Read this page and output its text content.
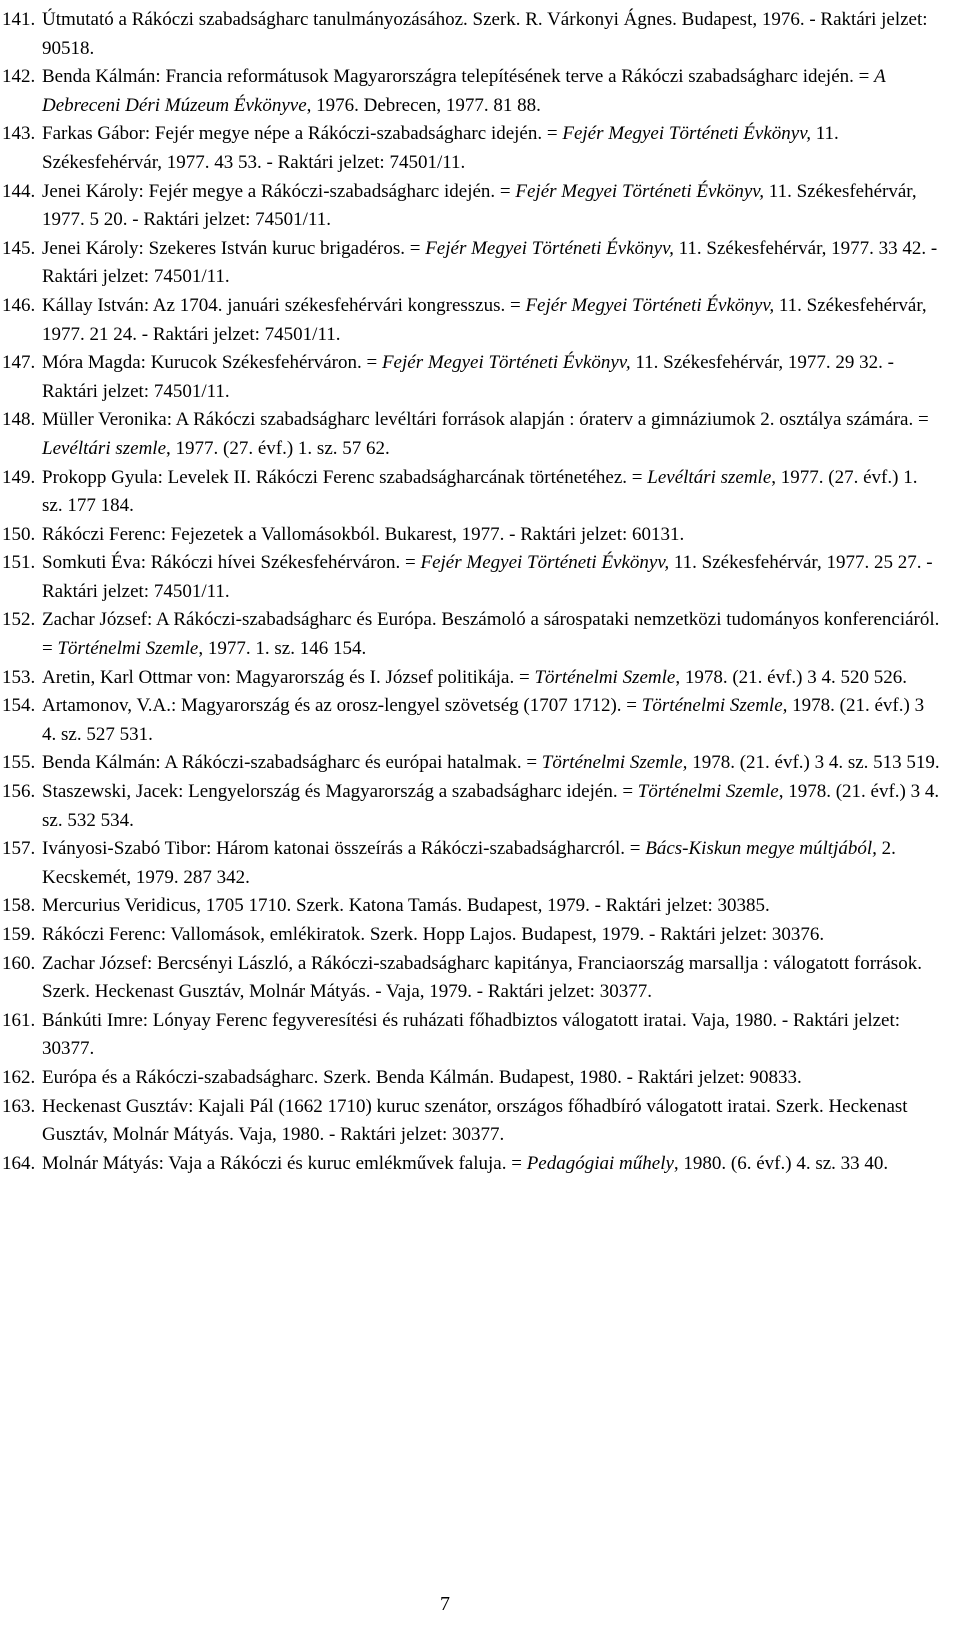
141. Útmutató a Rákóczi szabadságharc tanulmányozásához. Szerk. R. Várkonyi Ágnes. Budapest, 1976. - Raktári jelzet: 90518.
142. Benda Kálmán: Francia reformátusok Magyarországra telepítésének terve a Rákóczi szabadságharc idején. = A Debreceni Déri Múzeum Évkönyve, 1976. Debrecen, 1977. 81 88.
143. Farkas Gábor: Fejér megye népe a Rákóczi-szabadságharc idején. = Fejér Megyei Történeti Évkönyv, 11. Székesfehérvár, 1977. 43 53. - Raktári jelzet: 74501/11.
144. Jenei Károly: Fejér megye a Rákóczi-szabadságharc idején. = Fejér Megyei Történeti Évkönyv, 11. Székesfehérvár, 1977. 5 20. - Raktári jelzet: 74501/11.
145. Jenei Károly: Szekeres István kuruc brigadéros. = Fejér Megyei Történeti Évkönyv, 11. Székesfehérvár, 1977. 33 42. - Raktári jelzet: 74501/11.
146. Kállay István: Az 1704. januári székesfehérvári kongresszus. = Fejér Megyei Történeti Évkönyv, 11. Székesfehérvár, 1977. 21 24. - Raktári jelzet: 74501/11.
147. Móra Magda: Kurucok Székesfehérváron. = Fejér Megyei Történeti Évkönyv, 11. Székesfehérvár, 1977. 29 32. - Raktári jelzet: 74501/11.
148. Müller Veronika: A Rákóczi szabadságharc levéltári források alapján : óraterv a gimnáziumok 2. osztálya számára. = Levéltári szemle, 1977. (27. évf.) 1. sz. 57 62.
149. Prokopp Gyula: Levelek II. Rákóczi Ferenc szabadságharcának történetéhez. = Levéltári szemle, 1977. (27. évf.) 1. sz. 177 184.
150. Rákóczi Ferenc: Fejezetek a Vallomásokból. Bukarest, 1977. - Raktári jelzet: 60131.
151. Somkuti Éva: Rákóczi hívei Székesfehérváron. = Fejér Megyei Történeti Évkönyv, 11. Székesfehérvár, 1977. 25 27. - Raktári jelzet: 74501/11.
152. Zachar József: A Rákóczi-szabadságharc és Európa. Beszámoló a sárospataki nemzetközi tudományos konferenciáról. = Történelmi Szemle, 1977. 1. sz. 146 154.
153. Aretin, Karl Ottmar von: Magyarország és I. József politikája. = Történelmi Szemle, 1978. (21. évf.) 3 4. 520 526.
154. Artamonov, V.A.: Magyarország és az orosz-lengyel szövetség (1707 1712). = Történelmi Szemle, 1978. (21. évf.) 3 4. sz. 527 531.
155. Benda Kálmán: A Rákóczi-szabadságharc és európai hatalmak. = Történelmi Szemle, 1978. (21. évf.) 3 4. sz. 513 519.
156. Staszewski, Jacek: Lengyelország és Magyarország a szabadságharc idején. = Történelmi Szemle, 1978. (21. évf.) 3 4. sz. 532 534.
157. Iványosi-Szabó Tibor: Három katonai összeírás a Rákóczi-szabadságharcról. = Bács-Kiskun megye múltjából, 2. Kecskemét, 1979. 287 342.
158. Mercurius Veridicus, 1705 1710. Szerk. Katona Tamás. Budapest, 1979. - Raktári jelzet: 30385.
159. Rákóczi Ferenc: Vallomások, emlékiratok. Szerk. Hopp Lajos. Budapest, 1979. - Raktári jelzet: 30376.
160. Zachar József: Bercsényi László, a Rákóczi-szabadságharc kapitánya, Franciaország marsallja : válogatott források. Szerk. Heckenast Gusztáv, Molnár Mátyás. - Vaja, 1979. - Raktári jelzet: 30377.
161. Bánkúti Imre: Lónyay Ferenc fegyveresítési és ruházati főhadbiztos válogatott iratai. Vaja, 1980. - Raktári jelzet: 30377.
162. Európa és a Rákóczi-szabadságharc. Szerk. Benda Kálmán. Budapest, 1980. - Raktári jelzet: 90833.
163. Heckenast Gusztáv: Kajali Pál (1662 1710) kuruc szenátor, országos főhadbíró válogatott iratai. Szerk. Heckenast Gusztáv, Molnár Mátyás. Vaja, 1980. - Raktári jelzet: 30377.
164. Molnár Mátyás: Vaja a Rákóczi és kuruc emlékművek faluja. = Pedagógiai műhely, 1980. (6. évf.) 4. sz. 33 40.
7
